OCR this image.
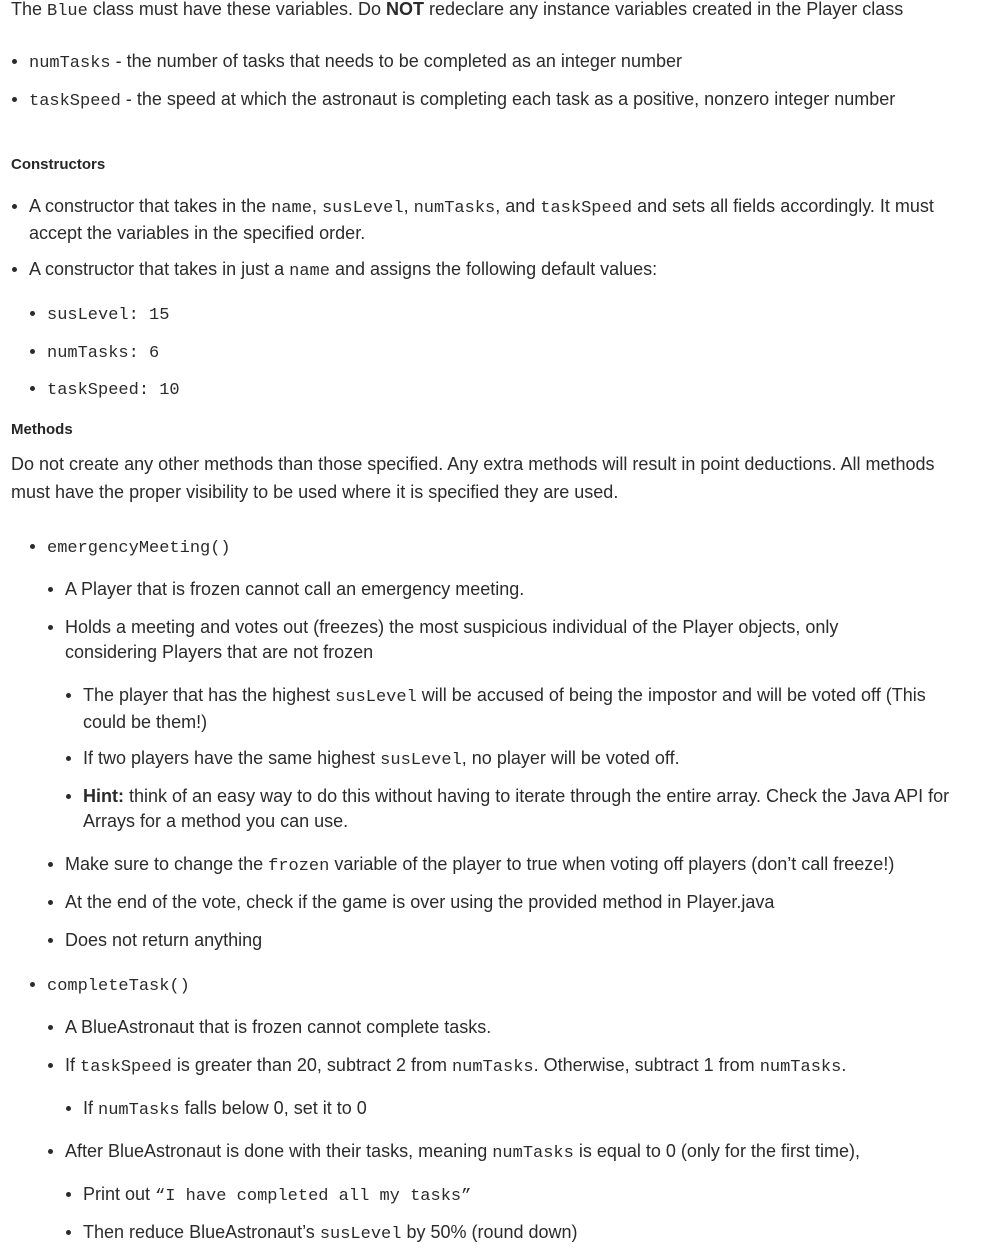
The Blue class must have these variables. Do NOT redeclare any instance variables created in the Player class

numTasks - the number of tasks that needs to be completed as an integer number
taskSpeed - the speed at which the astronaut is completing each task as a positive, nonzero integer number
Constructors
A constructor that takes in the name, susLevel, numTasks, and taskSpeed and sets all fields accordingly. It must accept the variables in the specified order.
A constructor that takes in just a name and assigns the following default values:
susLevel: 15
numTasks: 6
taskSpeed: 10
Methods

Do not create any other methods than those specified. Any extra methods will result in point deductions. All methods must have the proper visibility to be used where it is specified they are used.

emergencyMeeting()
A Player that is frozen cannot call an emergency meeting.
Holds a meeting and votes out (freezes) the most suspicious individual of the Player objects, only considering Players that are not frozen
The player that has the highest susLevel will be accused of being the impostor and will be voted off (This could be them!)
If two players have the same highest susLevel, no player will be voted off.
Hint: think of an easy way to do this without having to iterate through the entire array. Check the Java API for Arrays for a method you can use.
Make sure to change the frozen variable of the player to true when voting off players (don’t call freeze!)
At the end of the vote, check if the game is over using the provided method in Player.java
Does not return anything
completeTask()
A BlueAstronaut that is frozen cannot complete tasks.
If taskSpeed is greater than 20, subtract 2 from numTasks. Otherwise, subtract 1 from numTasks.
If numTasks falls below 0, set it to 0
After BlueAstronaut is done with their tasks, meaning numTasks is equal to 0 (only for the first time),
Print out “I have completed all my tasks”
Then reduce BlueAstronaut’s susLevel by 50% (round down)
